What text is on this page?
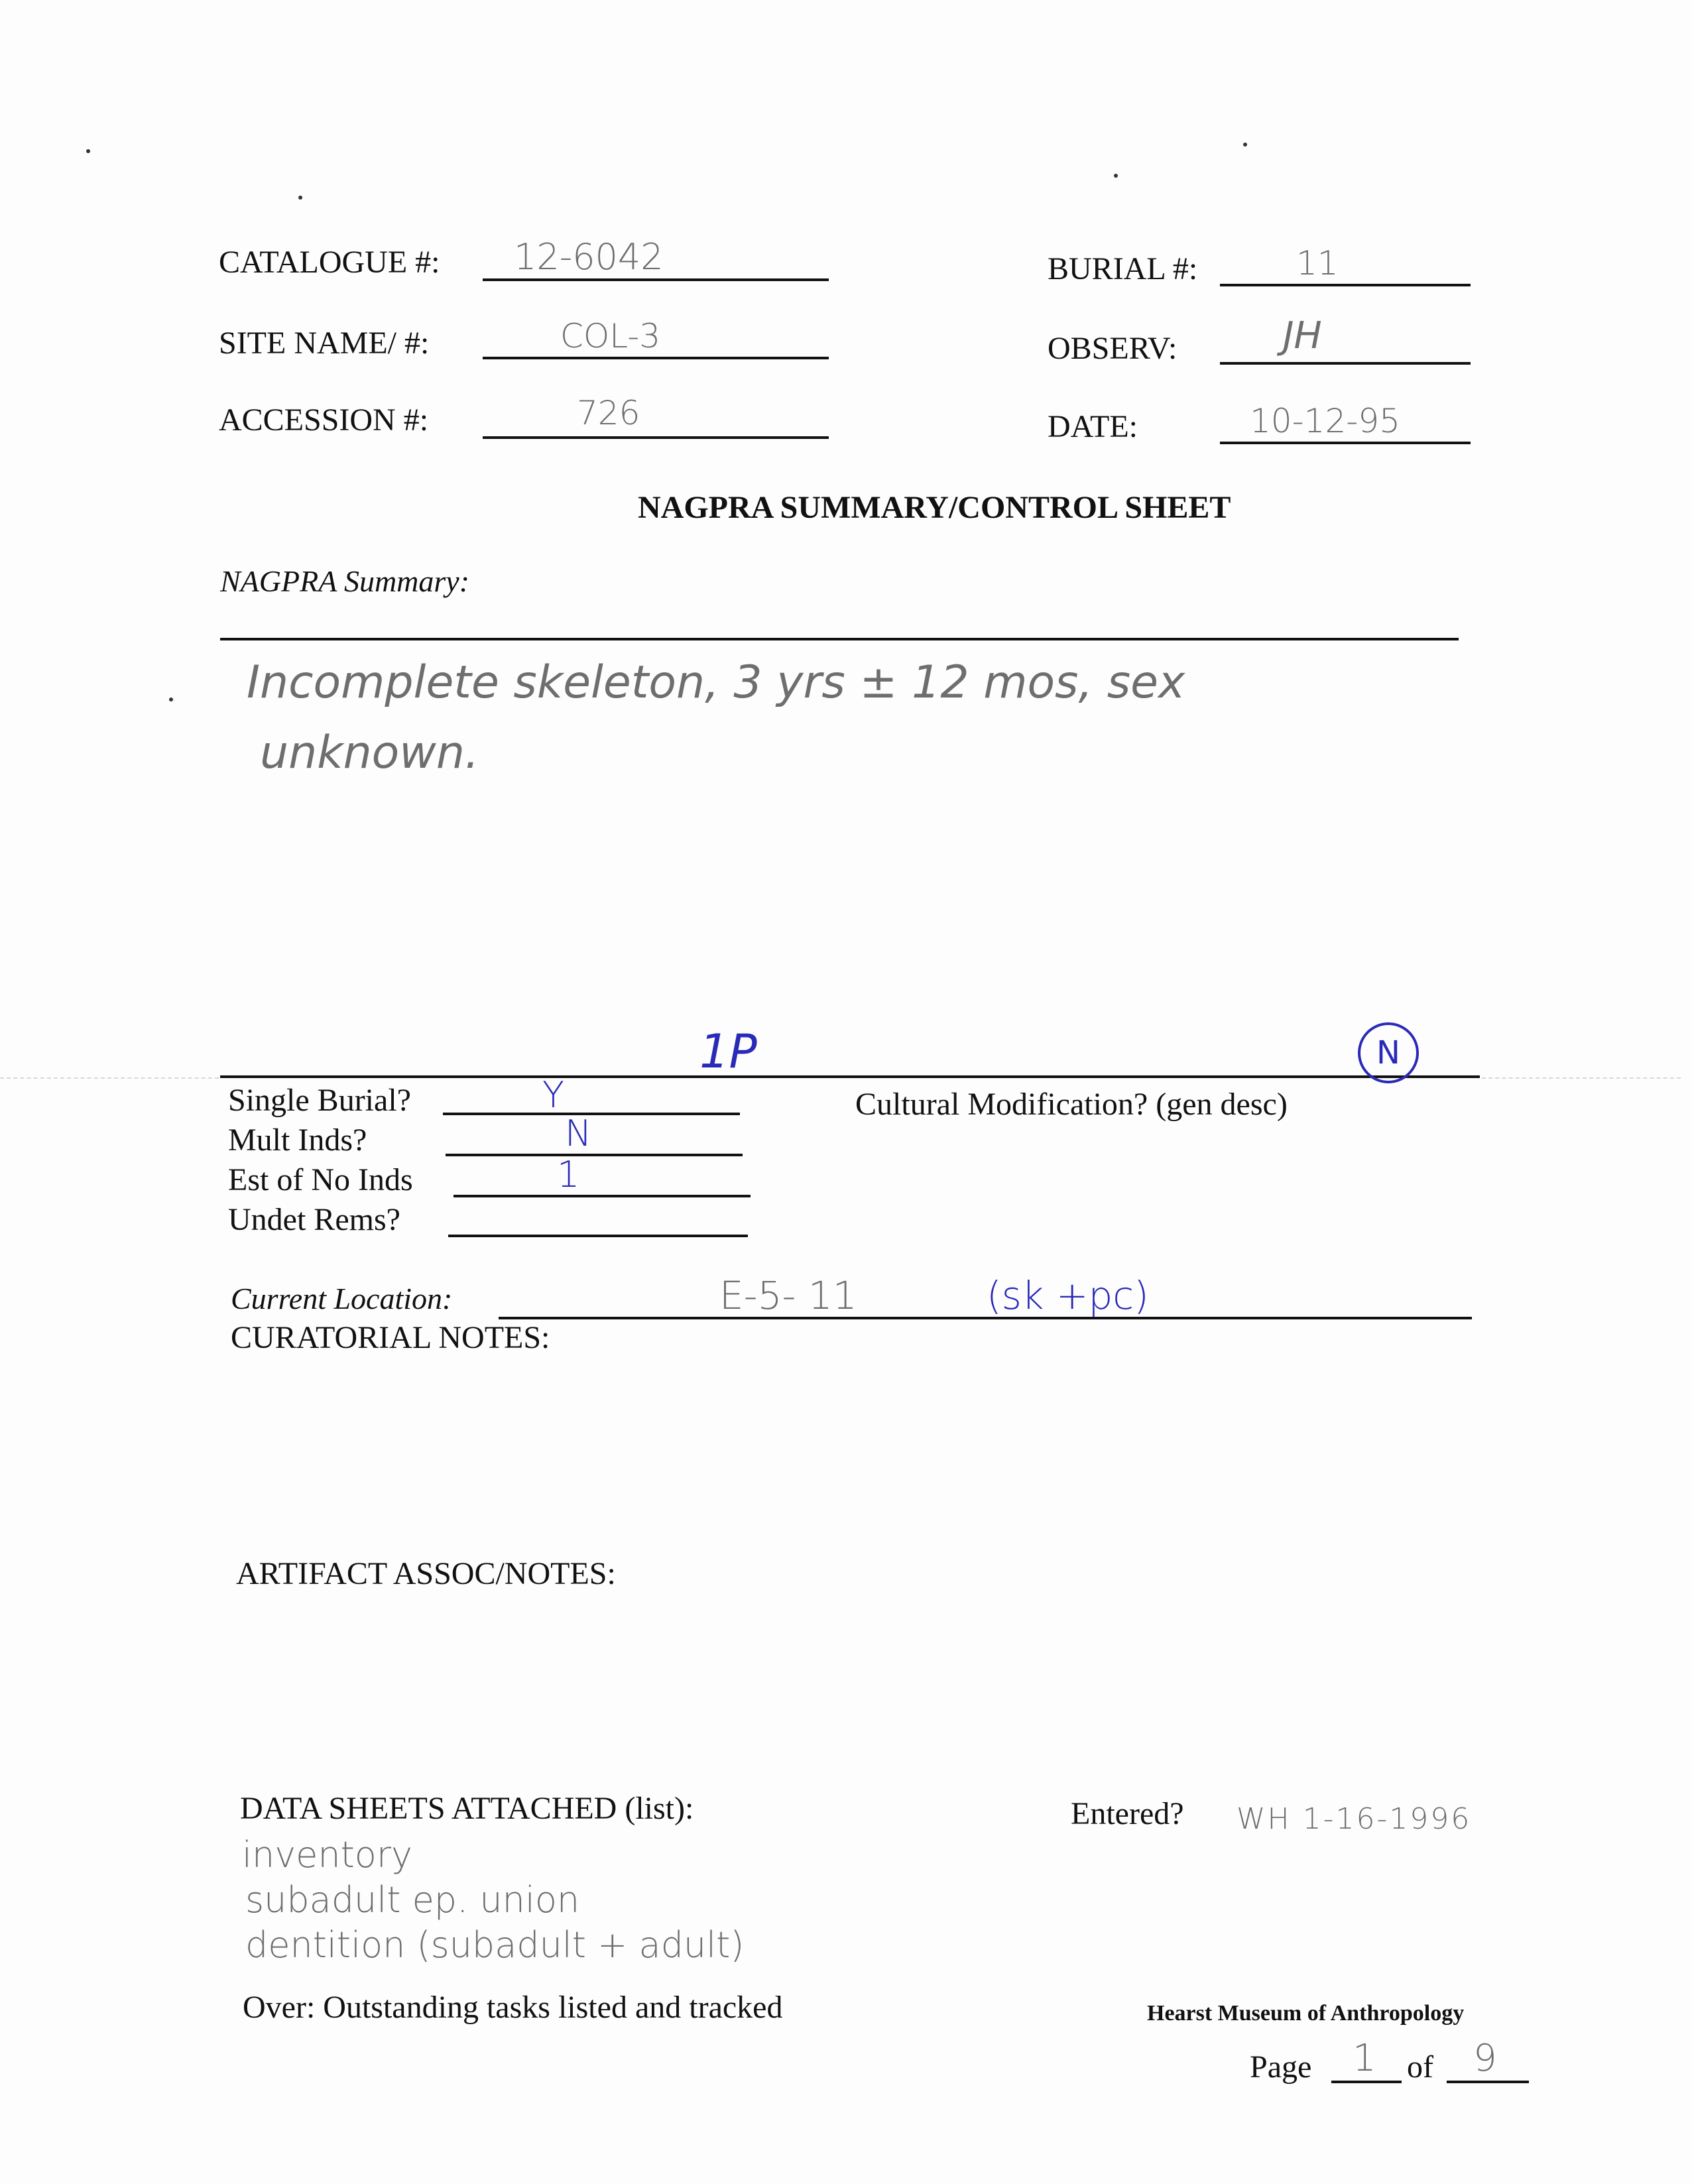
CATALOGUE #: 12-6042	BURIAL #:	11
SITE NAME/ #:	COL-3	OBSERV:	JH
ACCESSION #:	726	DATE:	10-12-95
NAGPRA SUMMARY/CONTROL SHEET
NAGPRA Summary:
Incomplete skeleton, 3 yrs ± 12 mos, sex
unknown.
1P	N
Single Burial?	Y	Cultural Modification? (gen desc)
Mult Inds?	N
Est of No Inds	1
Undet Rems?
Current Location:	E-5- 11	(sk +pc)
CURATORIAL NOTES:
ARTIFACT ASSOC/NOTES:
DATA SHEETS ATTACHED (list):
inventory
subadult ep. union
dentition (subadult + adult)
Entered? WH 1-16-1996
Over: Outstanding tasks listed and tracked	Hearst Museum of Anthropology
Page 1 of 9
